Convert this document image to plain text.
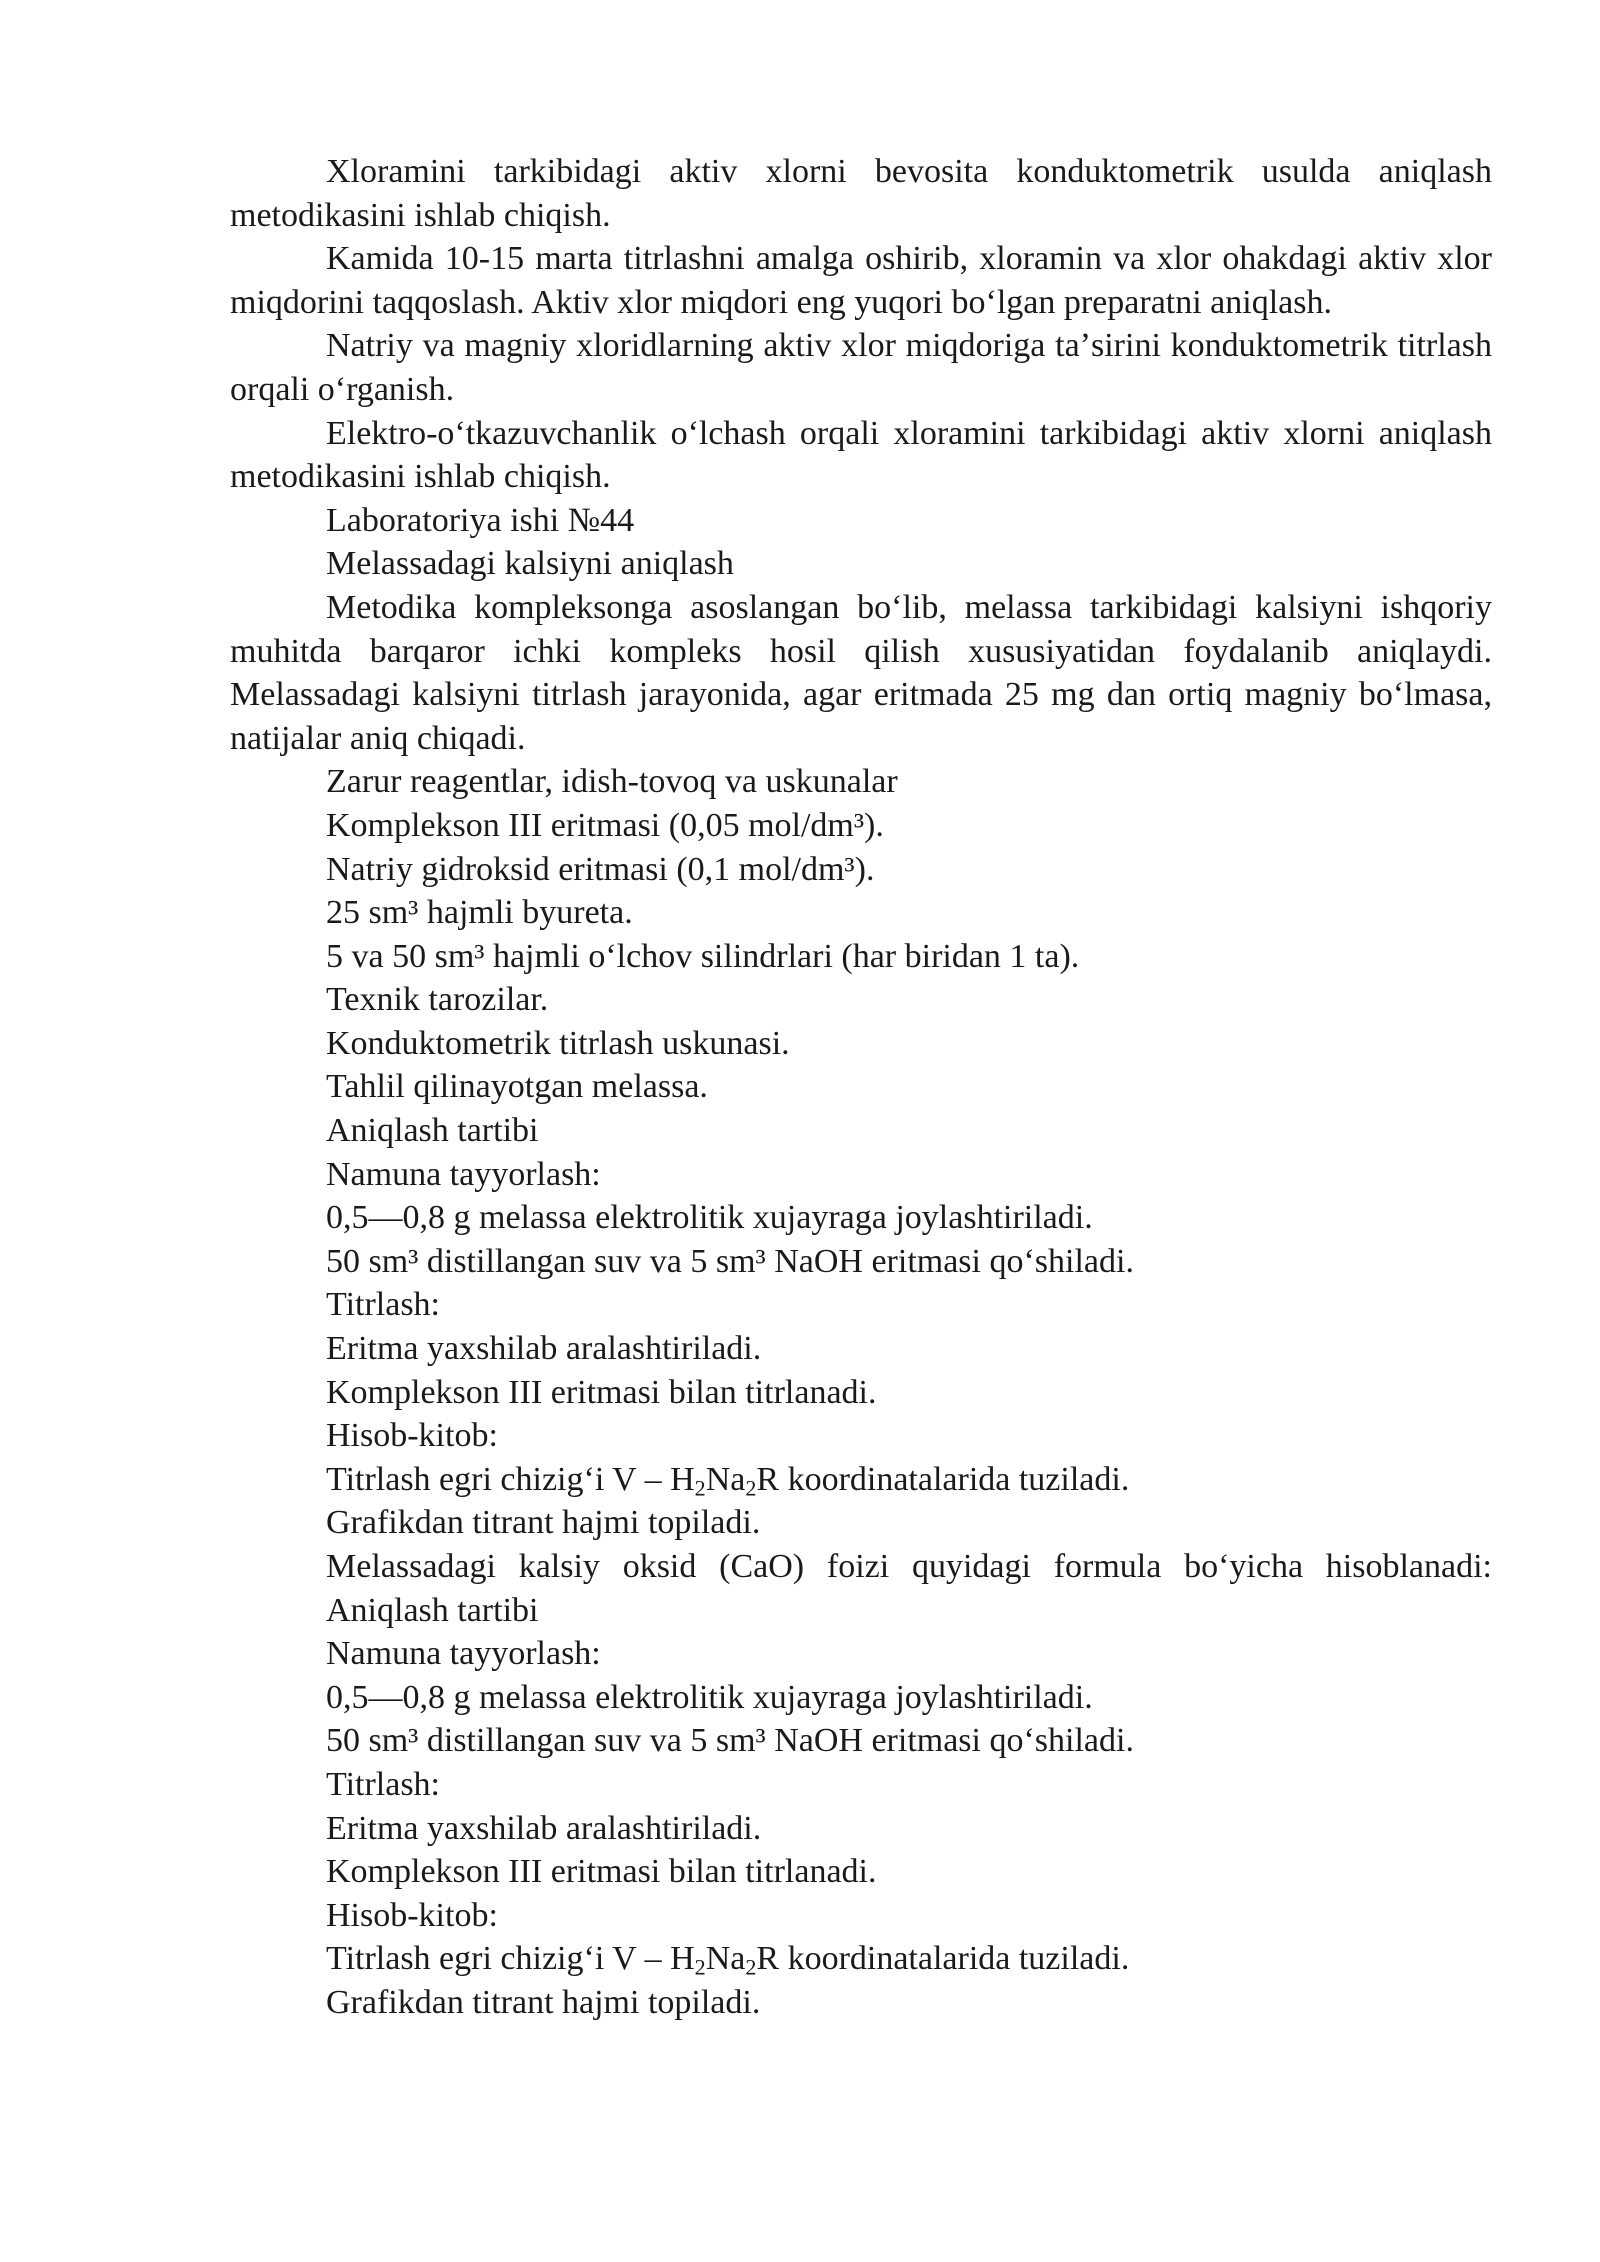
Xloramini tarkibidagi aktiv xlorni bevosita konduktometrik usulda aniqlash metodikasini ishlab chiqish.

Kamida 10-15 marta titrlashni amalga oshirib, xloramin va xlor ohakdagi aktiv xlor miqdorini taqqoslash. Aktiv xlor miqdori eng yuqori boʻlgan preparatni aniqlash.

Natriy va magniy xloridlarning aktiv xlor miqdoriga taʼsirini konduktometrik titrlash orqali oʻrganish.

Elektro-oʻtkazuvchanlik oʻlchash orqali xloramini tarkibidagi aktiv xlorni aniqlash metodikasini ishlab chiqish.

Laboratoriya ishi №44

Melassadagi kalsiyni aniqlash

Metodika kompleksonga asoslangan boʻlib, melassa tarkibidagi kalsiyni ishqoriy muhitda barqaror ichki kompleks hosil qilish xususiyatidan foydalanib aniqlaydi. Melassadagi kalsiyni titrlash jarayonida, agar eritmada 25 mg dan ortiq magniy boʻlmasa, natijalar aniq chiqadi.

Zarur reagentlar, idish-tovoq va uskunalar

Komplekson III eritmasi (0,05 mol/dm³).

Natriy gidroksid eritmasi (0,1 mol/dm³).

25 sm³ hajmli byureta.

5 va 50 sm³ hajmli oʻlchov silindrlari (har biridan 1 ta).

Texnik tarozilar.

Konduktometrik titrlash uskunasi.

Tahlil qilinayotgan melassa.

Aniqlash tartibi

Namuna tayyorlash:

0,5—0,8 g melassa elektrolitik xujayraga joylashtiriladi.

50 sm³ distillangan suv va 5 sm³ NaOH eritmasi qoʻshiladi.

Titrlash:

Eritma yaxshilab aralashtiriladi.

Komplekson III eritmasi bilan titrlanadi.

Hisob-kitob:

Titrlash egri chizigʻi V – $H_2Na_2R$ koordinatalarida tuziladi.

Grafikdan titrant hajmi topiladi.

Melassadagi kalsiy oksid (CaO) foizi quyidagi formula boʻyicha hisoblanadi:

Aniqlash tartibi

Namuna tayyorlash:

0,5—0,8 g melassa elektrolitik xujayraga joylashtiriladi.

50 sm³ distillangan suv va 5 sm³ NaOH eritmasi qoʻshiladi.

Titrlash:

Eritma yaxshilab aralashtiriladi.

Komplekson III eritmasi bilan titrlanadi.

Hisob-kitob:

Titrlash egri chizigʻi V – $H_2Na_2R$ koordinatalarida tuziladi.

Grafikdan titrant hajmi topiladi.
